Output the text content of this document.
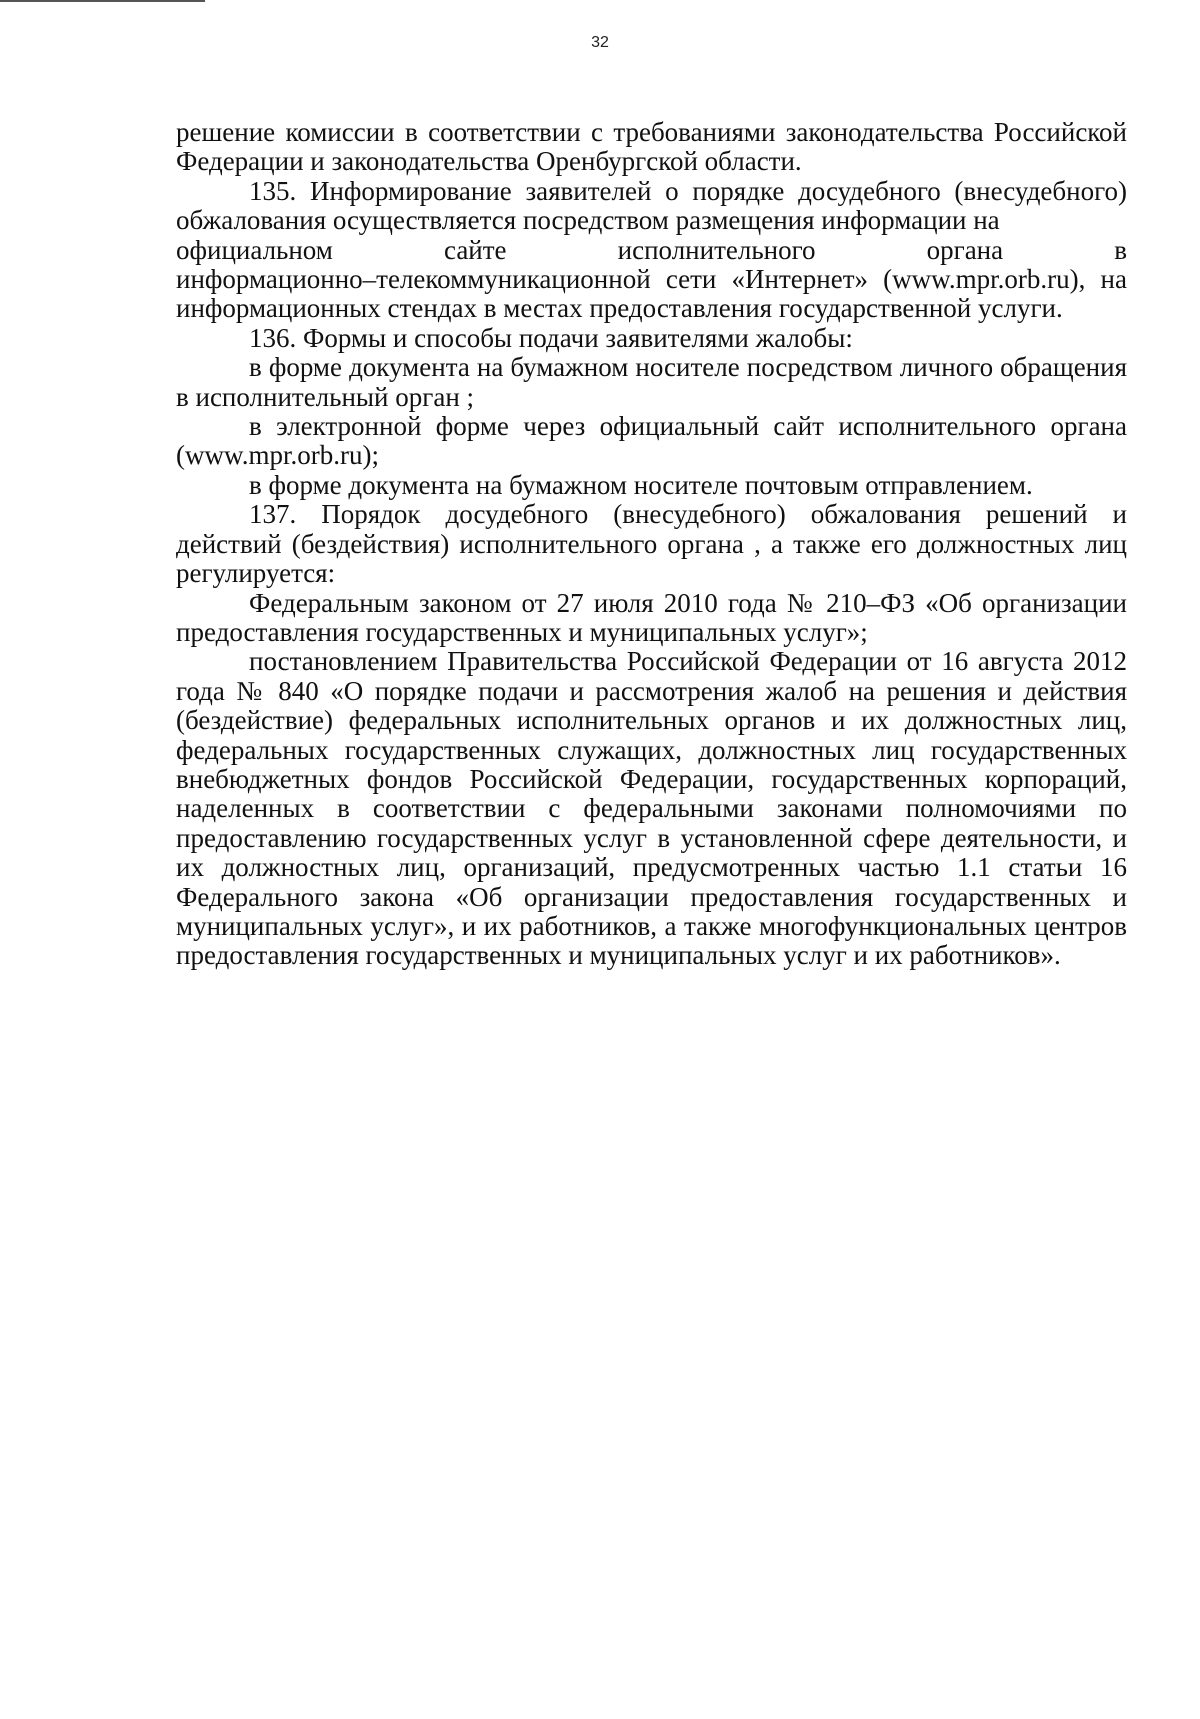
32

решение комиссии в соответствии с требованиями законодательства Российской Федерации и законодательства Оренбургской области.

135. Информирование заявителей о порядке досудебного (внесудебного) обжалования осуществляется посредством размещения информации на

официальном сайте исполнительного органа в

информационно–телекоммуникационной сети «Интернет» (www.mpr.orb.ru), на информационных стендах в местах предоставления государственной услуги.

136. Формы и способы подачи заявителями жалобы:

в форме документа на бумажном носителе посредством личного обращения в исполнительный орган ;

в электронной форме через официальный сайт исполнительного органа (www.mpr.orb.ru);

в форме документа на бумажном носителе почтовым отправлением.

137. Порядок досудебного (внесудебного) обжалования решений и действий (бездействия) исполнительного органа , а также его должностных лиц регулируется:

Федеральным законом от 27 июля 2010 года № 210–ФЗ «Об организации предоставления государственных и муниципальных услуг»;

постановлением Правительства Российской Федерации от 16 августа 2012 года № 840 «О порядке подачи и рассмотрения жалоб на решения и действия (бездействие) федеральных исполнительных органов и их должностных лиц, федеральных государственных служащих, должностных лиц государственных внебюджетных фондов Российской Федерации, государственных корпораций, наделенных в соответствии с федеральными законами полномочиями по предоставлению государственных услуг в установленной сфере деятельности, и их должностных лиц, организаций, предусмотренных частью 1.1 статьи 16 Федерального закона «Об организации предоставления государственных и муниципальных услуг», и их работников, а также многофункциональных центров предоставления государственных и муниципальных услуг и их работников».
